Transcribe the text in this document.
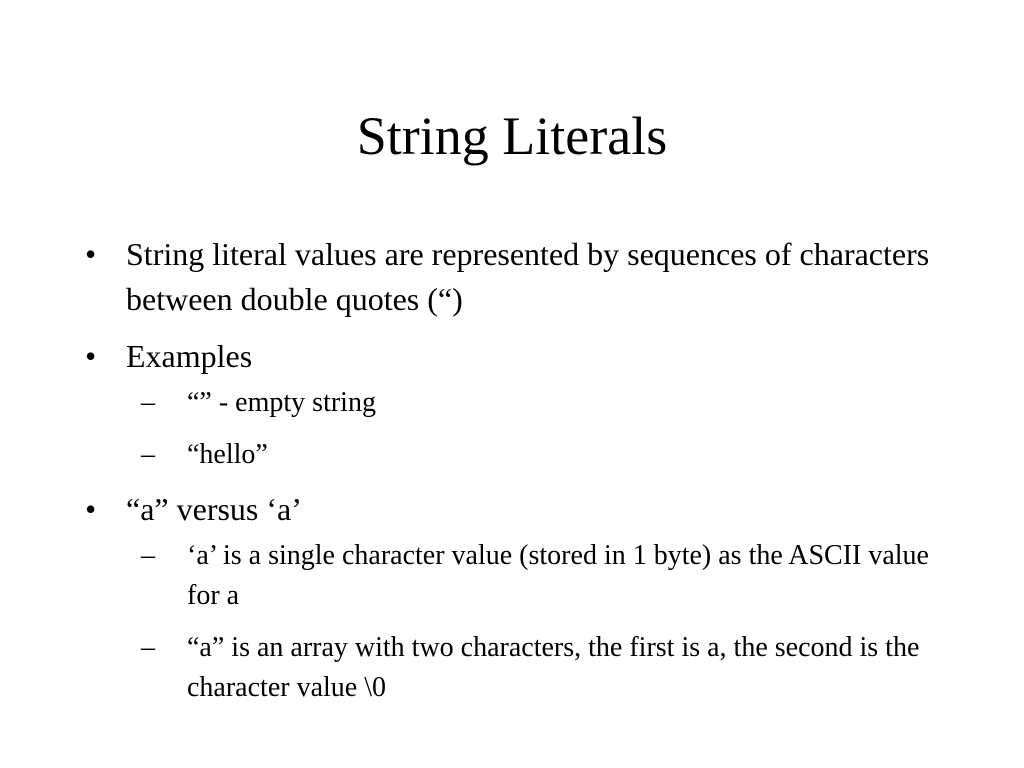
String Literals
• String literal values are represented by sequences of characters between double quotes (“)
• Examples
– “” - empty string
– “hello”
• “a” versus ‘a’
– ‘a’ is a single character value (stored in 1 byte) as the ASCII value for a
– “a” is an array with two characters, the first is a, the second is the character value \0
